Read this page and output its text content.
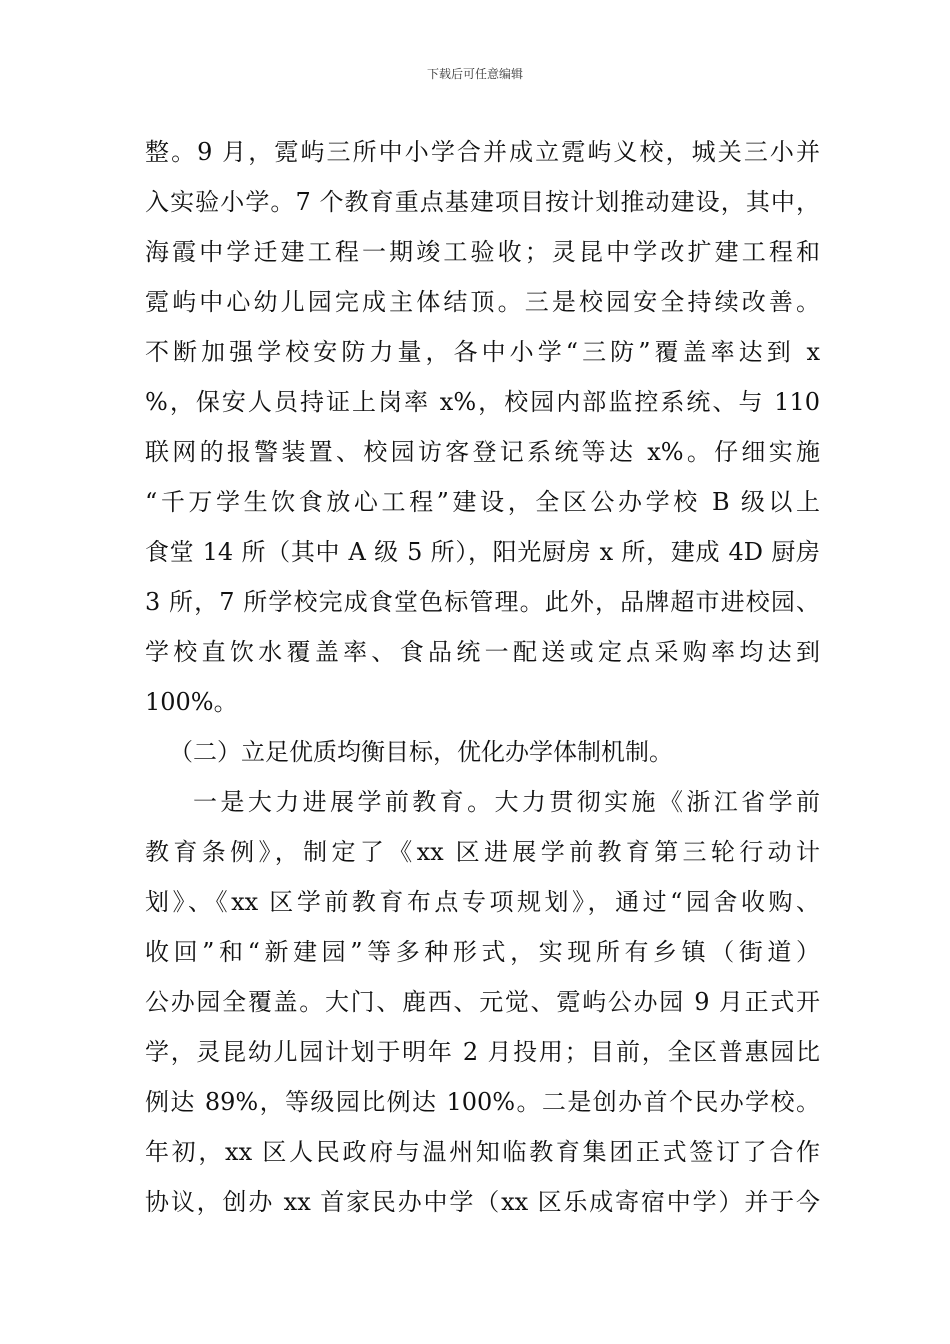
下载后可任意编辑
整。9 月，霓屿三所中小学合并成立霓屿义校，城关三小并
入实验小学。7 个教育重点基建项目按计划推动建设，其中，
海霞中学迁建工程一期竣工验收；灵昆中学改扩建工程和
霓屿中心幼儿园完成主体结顶。三是校园安全持续改善。
不断加强学校安防力量，各中小学“三防”覆盖率达到 x
%，保安人员持证上岗率 x%，校园内部监控系统、与 110
联网的报警装置、校园访客登记系统等达 x%。仔细实施
“千万学生饮食放心工程”建设，全区公办学校 B 级以上
食堂 14 所（其中 A 级 5 所），阳光厨房 x 所，建成 4D 厨房
3 所，7 所学校完成食堂色标管理。此外，品牌超市进校园、
学校直饮水覆盖率、食品统一配送或定点采购率均达到
100%。
（二）立足优质均衡目标，优化办学体制机制。
一是大力进展学前教育。大力贯彻实施《浙江省学前
教育条例》，制定了《xx 区进展学前教育第三轮行动计
划》、《xx 区学前教育布点专项规划》，通过“园舍收购、
收回”和“新建园”等多种形式，实现所有乡镇（街道）
公办园全覆盖。大门、鹿西、元觉、霓屿公办园 9 月正式开
学，灵昆幼儿园计划于明年 2 月投用；目前，全区普惠园比
例达 89%，等级园比例达 100%。二是创办首个民办学校。
年初，xx 区人民政府与温州知临教育集团正式签订了合作
协议，创办 xx 首家民办中学（xx 区乐成寄宿中学）并于今
